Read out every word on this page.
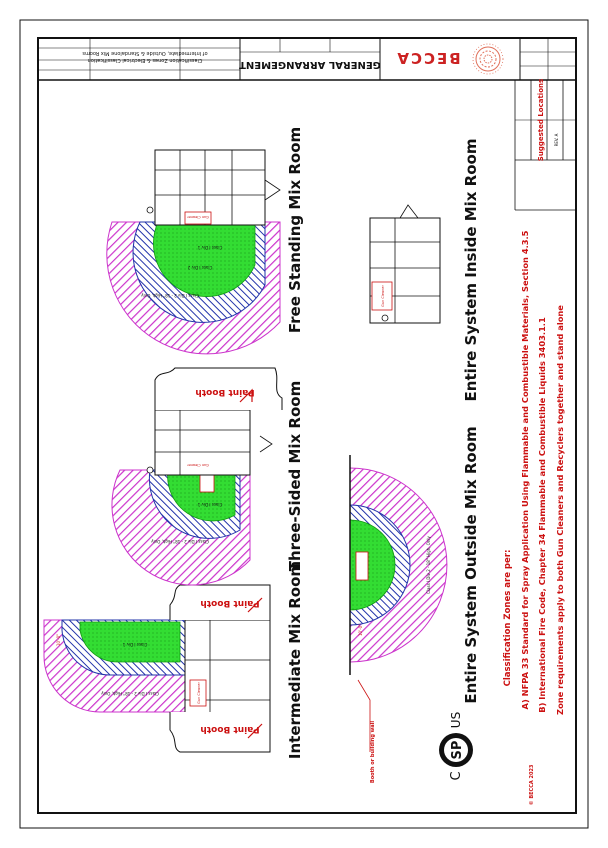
Classification Zones & Electrical Classification
of Intermediate, Outside & Standalone Mix Rooms
GENERAL ARRANGEMENT BECCA
Suggested Locations REV. A
Gun Cleaner
Paint Booth
Paint Booth
Class I Div 2 - 18" High, Only
Class I Div 1
10'-0"	Intermediate Mix Room
Gun Cleaner
Paint Booth
Class I Div 2 - 18" High, Only
Class I Div 1	Three-Sided Mix Room
Gun Cleaner
Class I Div 2 - 18" High, Only
Class I Div 2
Class I Div 1	Free Standing Mix Room
Class I Div 2 - 18" High, Only
10'-0"
Booth or building wall
Entire System Outside Mix Room
Gun Cleaner	Entire System Inside Mix Room
SP
C
US
Classification Zones are per: A) NFPA 33 Standard for Spray Application Using Flammable and Combustible Materials, Section 4.3.5 B) International Fire Code, Chapter 34 Flammable and Combustible Liquids 3403.1.1 Zone requirements apply to both Gun Cleaners and Recyclers together and stand alone
© BECCA 2023
